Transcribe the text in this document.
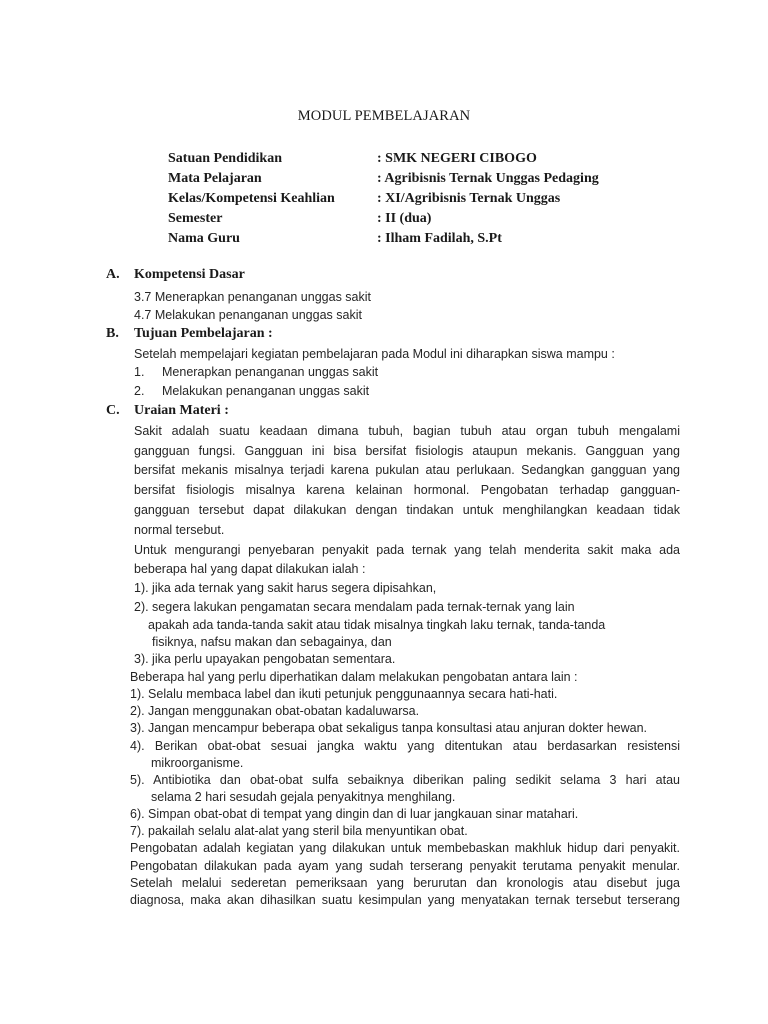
MODUL PEMBELAJARAN
Satuan Pendidikan	: SMK NEGERI CIBOGO
Mata Pelajaran	: Agribisnis Ternak Unggas Pedaging
Kelas/Kompetensi Keahlian	: XI/Agribisnis Ternak Unggas
Semester	: II (dua)
Nama Guru	: Ilham Fadilah, S.Pt
A.	Kompetensi Dasar
3.7 Menerapkan penanganan unggas sakit
4.7 Melakukan penanganan unggas sakit
B.	Tujuan Pembelajaran :
Setelah mempelajari kegiatan pembelajaran pada Modul ini diharapkan siswa mampu :
1.	Menerapkan penanganan unggas sakit
2.	Melakukan penanganan unggas sakit
C.	Uraian Materi :
Sakit adalah suatu keadaan dimana tubuh, bagian tubuh atau organ tubuh mengalami
gangguan fungsi. Gangguan ini bisa bersifat fisiologis ataupun mekanis. Gangguan yang
bersifat mekanis misalnya terjadi karena pukulan atau perlukaan. Sedangkan gangguan yang
bersifat fisiologis misalnya karena kelainan hormonal. Pengobatan terhadap gangguan-
gangguan tersebut dapat dilakukan dengan tindakan untuk menghilangkan keadaan tidak
normal tersebut.
Untuk mengurangi penyebaran penyakit pada ternak yang telah menderita sakit maka ada
beberapa hal yang dapat dilakukan ialah :
1). jika ada ternak yang sakit harus segera dipisahkan,
2). segera lakukan pengamatan secara mendalam pada ternak-ternak yang lain
apakah ada tanda-tanda sakit atau tidak misalnya tingkah laku ternak, tanda-tanda
fisiknya, nafsu makan dan sebagainya, dan
3). jika perlu upayakan pengobatan sementara.
Beberapa hal yang perlu diperhatikan dalam melakukan pengobatan antara lain :
1). Selalu membaca label dan ikuti petunjuk penggunaannya secara hati-hati.
2). Jangan menggunakan obat-obatan kadaluwarsa.
3). Jangan mencampur beberapa obat sekaligus tanpa konsultasi atau anjuran dokter hewan.
4). Berikan obat-obat sesuai jangka waktu yang ditentukan atau berdasarkan resistensi
mikroorganisme.
5). Antibiotika dan obat-obat sulfa sebaiknya diberikan paling sedikit selama 3 hari atau
selama 2 hari sesudah gejala penyakitnya menghilang.
6). Simpan obat-obat di tempat yang dingin dan di luar jangkauan sinar matahari.
7). pakailah selalu alat-alat yang steril bila menyuntikan obat.
Pengobatan adalah kegiatan yang dilakukan untuk membebaskan makhluk hidup dari penyakit.
Pengobatan dilakukan pada ayam yang sudah terserang penyakit terutama penyakit menular.
Setelah melalui sederetan pemeriksaan yang berurutan dan kronologis atau disebut juga
diagnosa, maka akan dihasilkan suatu kesimpulan yang menyatakan ternak tersebut terserang
